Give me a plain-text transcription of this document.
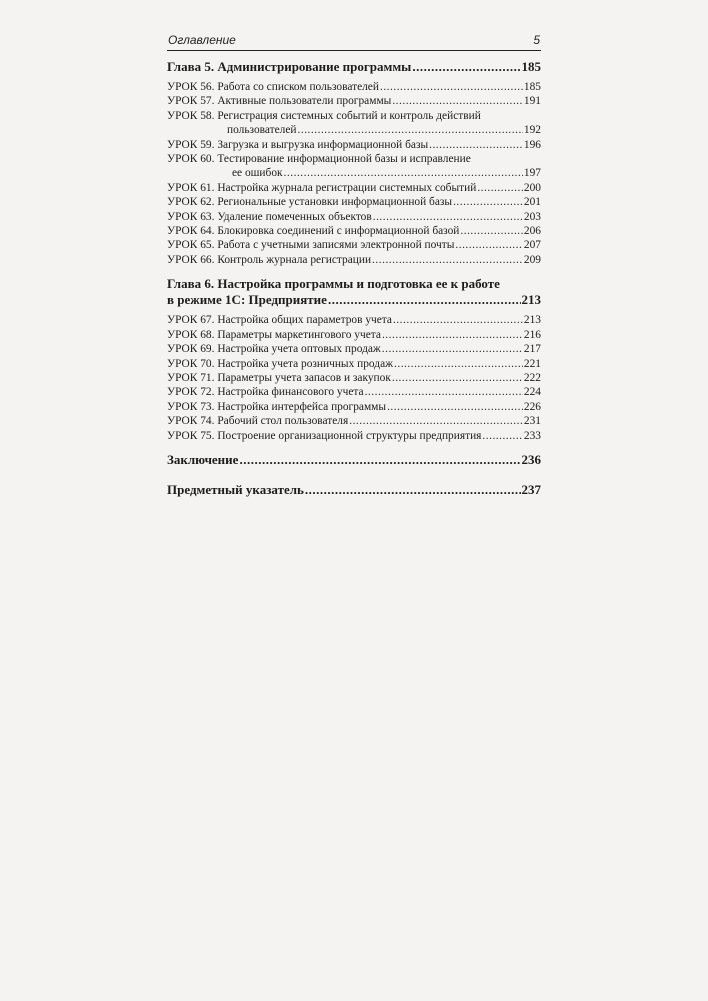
Оглавление	5
Глава 5. Администрирование программы .....	185
УРОК 56. Работа со списком пользователей .....	185
УРОК 57. Активные пользователи программы .....	191
УРОК 58. Регистрация системных событий и контроль действий
пользователей .....	192
УРОК 59. Загрузка и выгрузка информационной базы .....	196
УРОК 60. Тестирование информационной базы и исправление
ее ошибок .....	197
УРОК 61. Настройка журнала регистрации системных событий .....	200
УРОК 62. Региональные установки информационной базы .....	201
УРОК 63. Удаление помеченных объектов .....	203
УРОК 64. Блокировка соединений с информационной базой .....	206
УРОК 65. Работа с учетными записями электронной почты .....	207
УРОК 66. Контроль журнала регистрации .....	209
Глава 6. Настройка программы и подготовка ее к работе
в режиме 1С: Предприятие .....	213
УРОК 67. Настройка общих параметров учета .....	213
УРОК 68. Параметры маркетингового учета .....	216
УРОК 69. Настройка учета оптовых продаж .....	217
УРОК 70. Настройка учета розничных продаж .....	221
УРОК 71. Параметры учета запасов и закупок .....	222
УРОК 72. Настройка финансового учета .....	224
УРОК 73. Настройка интерфейса программы .....	226
УРОК 74. Рабочий стол пользователя .....	231
УРОК 75. Построение организационной структуры предприятия .....	233
Заключение .....	236
Предметный указатель .....	237
